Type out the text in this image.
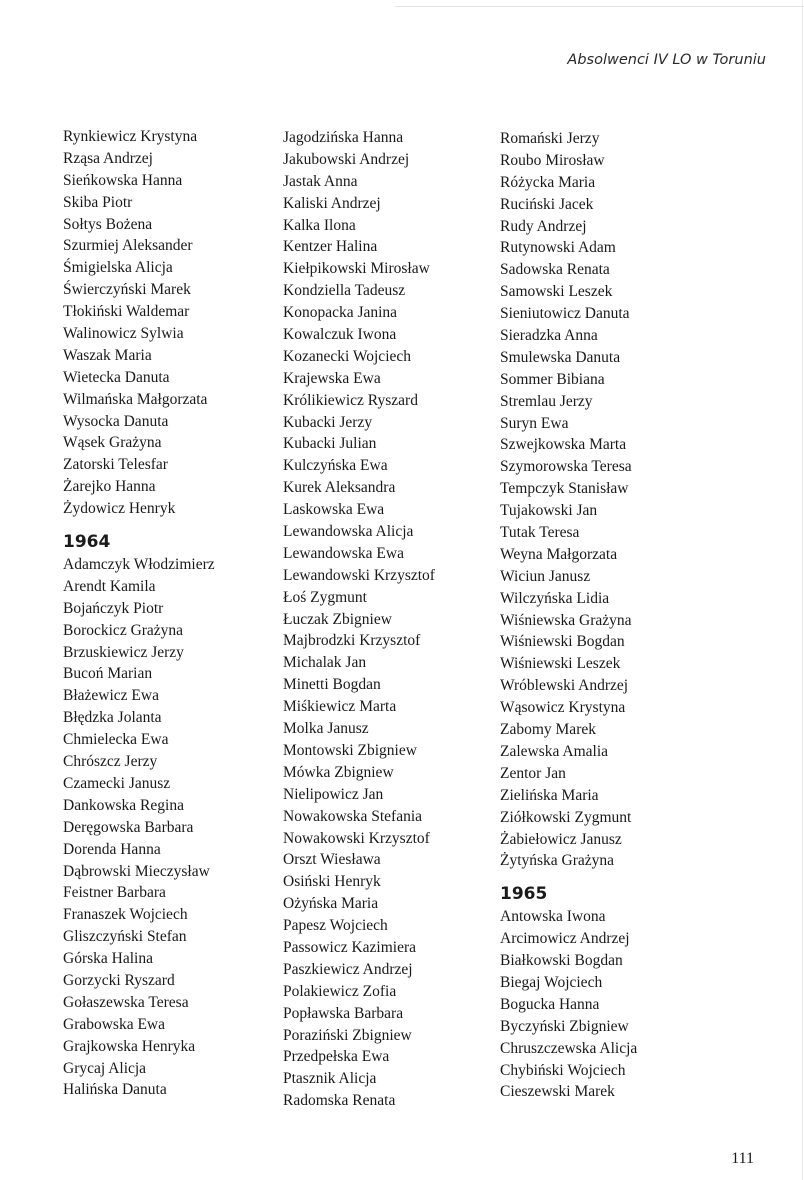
Absolwenci IV LO w Toruniu
Rynkiewicz Krystyna
Rząsa Andrzej
Sieńkowska Hanna
Skiba Piotr
Sołtys Bożena
Szurmiej Aleksander
Śmigielska Alicja
Świerczyński Marek
Tłokiński Waldemar
Walinowicz Sylwia
Waszak Maria
Wietecka Danuta
Wilmańska Małgorzata
Wysocka Danuta
Wąsek Grażyna
Zatorski Telesfar
Żarejko Hanna
Żydowicz Henryk
1964
Adamczyk Włodzimierz
Arendt Kamila
Bojańczyk Piotr
Borockicz Grażyna
Brzuskiewicz Jerzy
Bucoń Marian
Błażewicz Ewa
Błędzka Jolanta
Chmielecka Ewa
Chrószcz Jerzy
Czamecki Janusz
Dankowska Regina
Deręgowska Barbara
Dorenda Hanna
Dąbrowski Mieczysław
Feistner Barbara
Franaszek Wojciech
Gliszczyński Stefan
Górska Halina
Gorzycki Ryszard
Gołaszewska Teresa
Grabowska Ewa
Grajkowska Henryka
Grycaj Alicja
Halińska Danuta
Jagodzińska Hanna
Jakubowski Andrzej
Jastak Anna
Kaliski Andrzej
Kalka Ilona
Kentzer Halina
Kiełpikowski Mirosław
Kondziella Tadeusz
Konopacka Janina
Kowalczuk Iwona
Kozanecki Wojciech
Krajewska Ewa
Królikiewicz Ryszard
Kubacki Jerzy
Kubacki Julian
Kulczyńska Ewa
Kurek Aleksandra
Laskowska Ewa
Lewandowska Alicja
Lewandowska Ewa
Lewandowski Krzysztof
Łoś Zygmunt
Łuczak Zbigniew
Majbrodzki Krzysztof
Michalak Jan
Minetti Bogdan
Miśkiewicz Marta
Molka Janusz
Montowski Zbigniew
Mówka Zbigniew
Nielipowicz Jan
Nowakowska Stefania
Nowakowski Krzysztof
Orszt Wiesława
Osiński Henryk
Ożyńska Maria
Papesz Wojciech
Passowicz Kazimiera
Paszkiewicz Andrzej
Polakiewicz Zofia
Popławska Barbara
Poraziński Zbigniew
Przedpełska Ewa
Ptasznik Alicja
Radomska Renata
Romański Jerzy
Roubo Mirosław
Różycka Maria
Ruciński Jacek
Rudy Andrzej
Rutynowski Adam
Sadowska Renata
Samowski Leszek
Sieniutowicz Danuta
Sieradzka Anna
Smulewska Danuta
Sommer Bibiana
Stremlau Jerzy
Suryn Ewa
Szwejkowska Marta
Szymorowska Teresa
Tempczyk Stanisław
Tujakowski Jan
Tutak Teresa
Weyna Małgorzata
Wiciun Janusz
Wilczyńska Lidia
Wiśniewska Grażyna
Wiśniewski Bogdan
Wiśniewski Leszek
Wróblewski Andrzej
Wąsowicz Krystyna
Zabomy Marek
Zalewska Amalia
Zentor Jan
Zielińska Maria
Ziółkowski Zygmunt
Żabiełowicz Janusz
Żytyńska Grażyna
1965
Antowska Iwona
Arcimowicz Andrzej
Białkowski Bogdan
Biegaj Wojciech
Bogucka Hanna
Byczyński Zbigniew
Chruszczewska Alicja
Chybiński Wojciech
Cieszewski Marek
111
